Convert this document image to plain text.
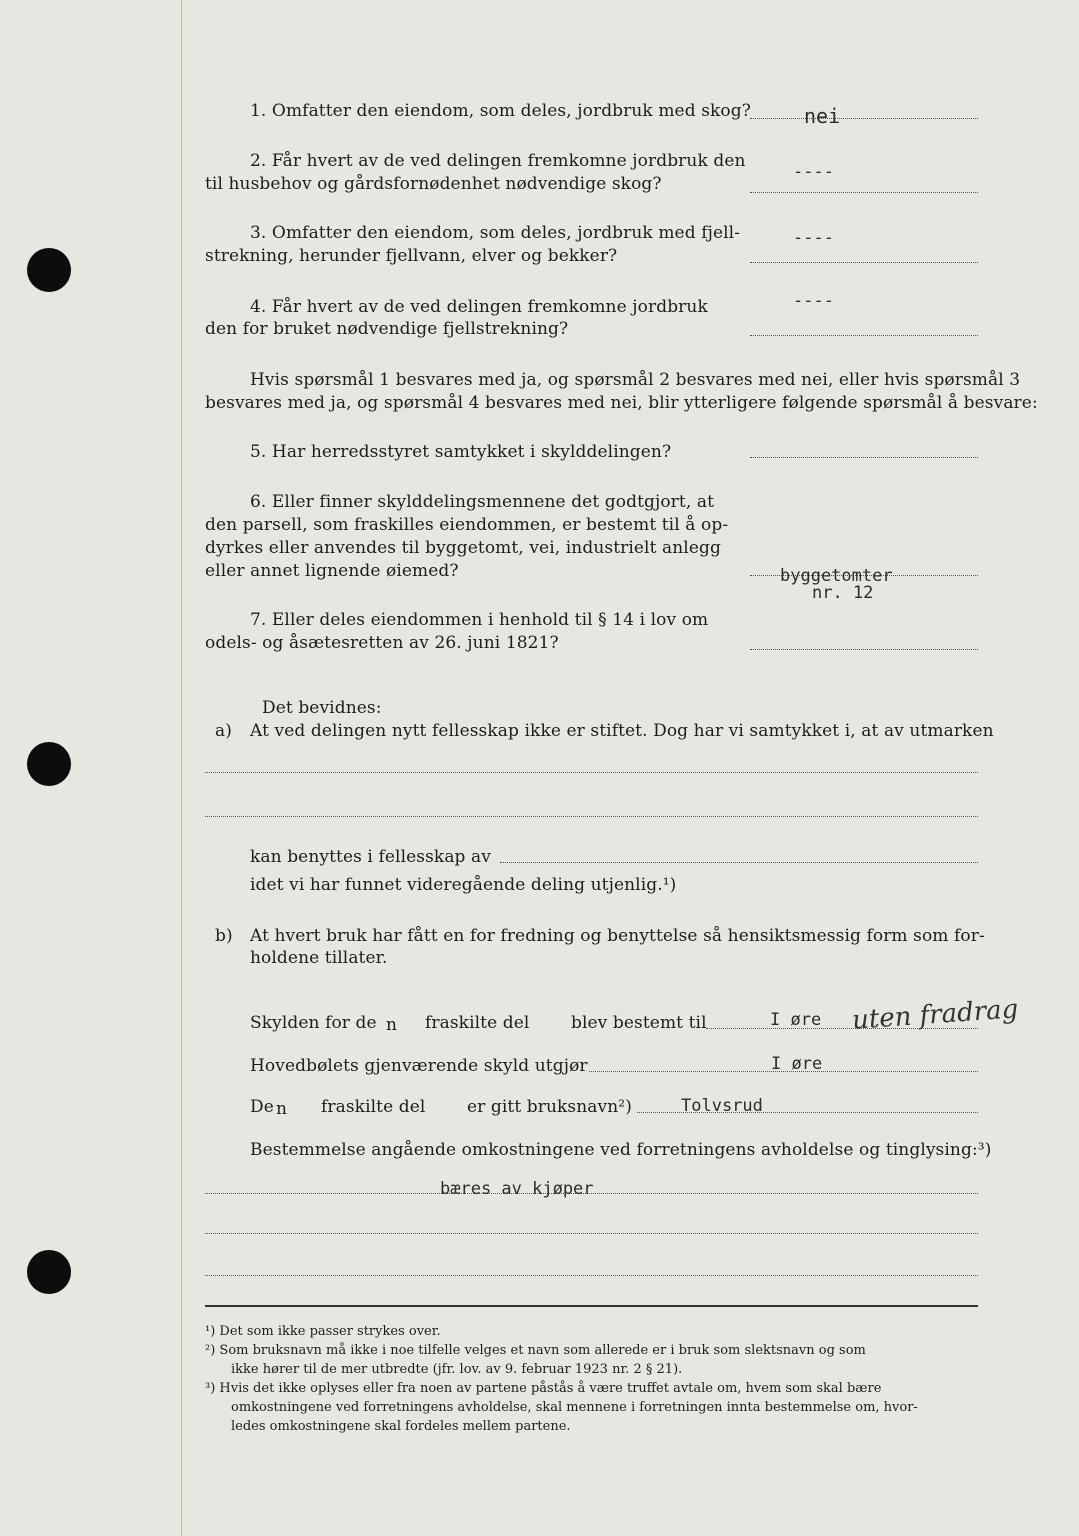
1. Omfatter den eiendom, som deles, jordbruk med skog?	nei
2. Får hvert av de ved delingen fremkomne jordbruk den
til husbehov og gårdsfornødenhet nødvendige skog?
----
3. Omfatter den eiendom, som deles, jordbruk med fjell-
strekning, herunder fjellvann, elver og bekker?
----
4. Får hvert av de ved delingen fremkomne jordbruk
den for bruket nødvendige fjellstrekning?
----
Hvis spørsmål 1 besvares med ja, og spørsmål 2 besvares med nei, eller hvis spørsmål 3
besvares med ja, og spørsmål 4 besvares med nei, blir ytterligere følgende spørsmål å besvare:
5. Har herredsstyret samtykket i skylddelingen?
6. Eller finner skylddelingsmennene det godtgjort, at
den parsell, som fraskilles eiendommen, er bestemt til å op-
dyrkes eller anvendes til byggetomt, vei, industrielt anlegg
eller annet lignende øiemed?	byggetomter
nr. 12
7. Eller deles eiendommen i henhold til § 14 i lov om
odels- og åsætesretten av 26. juni 1821?
Det bevidnes:
a) At ved delingen nytt fellesskap ikke er stiftet. Dog har vi samtykket i, at av utmarken
kan benyttes i fellesskap av
idet vi har funnet videregående deling utjenlig.¹)
b) At hvert bruk har fått en for fredning og benyttelse så hensiktsmessig form som for-
holdene tillater.
Skylden for de n fraskilte del blev bestemt til	I øre uten fradrag
Hovedbølets gjenværende skyld utgjør	I øre
De n fraskilte del er gitt bruksnavn²)	Tolvsrud
Bestemmelse angående omkostningene ved forretningens avholdelse og tinglysing:³)
bæres av kjøper
¹) Det som ikke passer strykes over.
²) Som bruksnavn må ikke i noe tilfelle velges et navn som allerede er i bruk som slektsnavn og som
ikke hører til de mer utbredte (jfr. lov. av 9. februar 1923 nr. 2 § 21).
³) Hvis det ikke oplyses eller fra noen av partene påstås å være truffet avtale om, hvem som skal bære
omkostningene ved forretningens avholdelse, skal mennene i forretningen innta bestemmelse om, hvor-
ledes omkostningene skal fordeles mellem partene.
